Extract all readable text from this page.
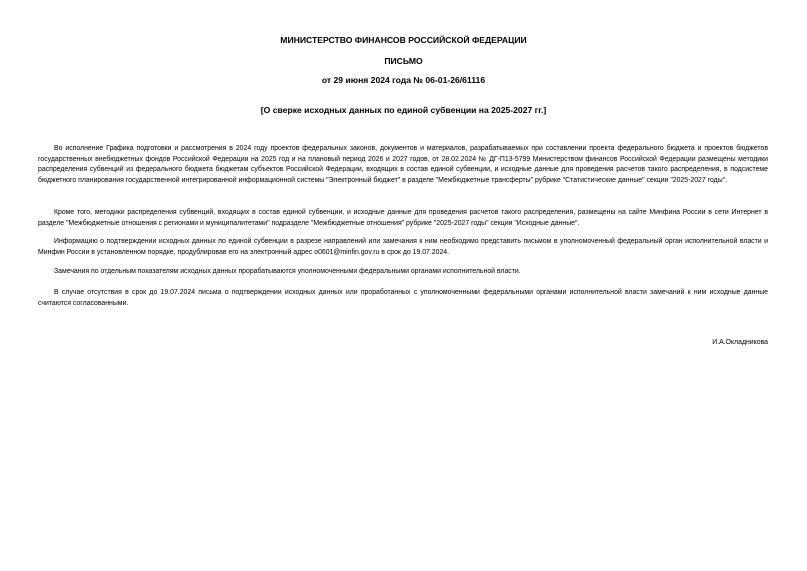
МИНИСТЕРСТВО ФИНАНСОВ РОССИЙСКОЙ ФЕДЕРАЦИИ

ПИСЬМО

от 29 июня 2024 года № 06-01-26/61116

[О сверке исходных данных по единой субвенции на 2025-2027 гг.]

Во исполнение Графика подготовки и рассмотрения в 2024 году проектов федеральных законов, документов и материалов, разрабатываемых при составлении проекта федерального бюджета и проектов бюджетов государственных внебюджетных фондов Российской Федерации на 2025 год и на плановый период 2026 и 2027 годов, от 28.02.2024 № ДГ-П13-5799 Министерством финансов Российской Федерации размещены методики распределения субвенций из федерального бюджета бюджетам субъектов Российской Федерации, входящих в состав единой субвенции, и исходные данные для проведения расчетов такого распределения, в подсистеме бюджетного планирования государственной интегрированной информационной системы "Электронный бюджет" в разделе "Межбюджетные трансферты" рубрике "Статистические данные" секции "2025-2027 годы".

Кроме того, методики распределения субвенций, входящих в состав единой субвенции, и исходные данные для проведения расчетов такого распределения, размещены на сайте Минфина России в сети Интернет в разделе "Межбюджетные отношения с регионами и муниципалитетами" подразделе "Межбюджетные отношения" рубрике "2025-2027 годы" секции "Исходные данные".

Информацию о подтверждении исходных данных по единой субвенции в разрезе направлений или замечания к ним необходимо представить письмом в уполномоченный федеральный орган исполнительной власти и Минфин России в установленном порядке, продублировав его на электронный адрес o0601@minfin.gov.ru в срок до 19.07.2024.

Замечания по отдельным показателям исходных данных прорабатываются уполномоченными федеральными органами исполнительной власти.

В случае отсутствия в срок до 19.07.2024 письма о подтверждении исходных данных или проработанных с уполномоченными федеральными органами исполнительной власти замечаний к ним исходные данные считаются согласованными.

И.А.Окладникова
